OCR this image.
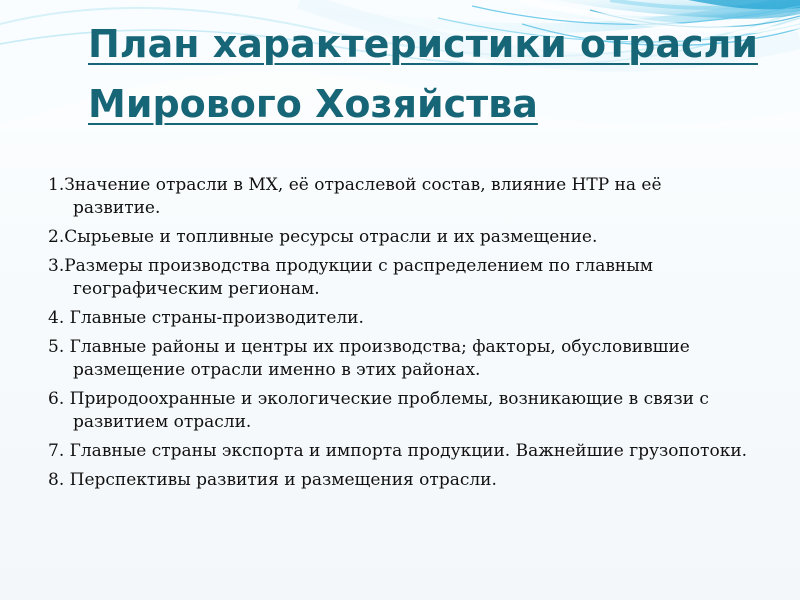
План характеристики отрасли Мирового Хозяйства
1.Значение отрасли в МХ, её отраслевой состав, влияние НТР на её развитие.
2.Сырьевые и топливные ресурсы отрасли и их размещение.
3.Размеры производства продукции с распределением по главным географическим регионам.
4. Главные страны-производители.
5. Главные районы и центры их производства; факторы, обусловившие размещение отрасли именно в этих районах.
6. Природоохранные и экологические проблемы, возникающие в связи с развитием отрасли.
7. Главные страны экспорта и импорта продукции. Важнейшие грузопотоки.
8. Перспективы развития и размещения отрасли.
